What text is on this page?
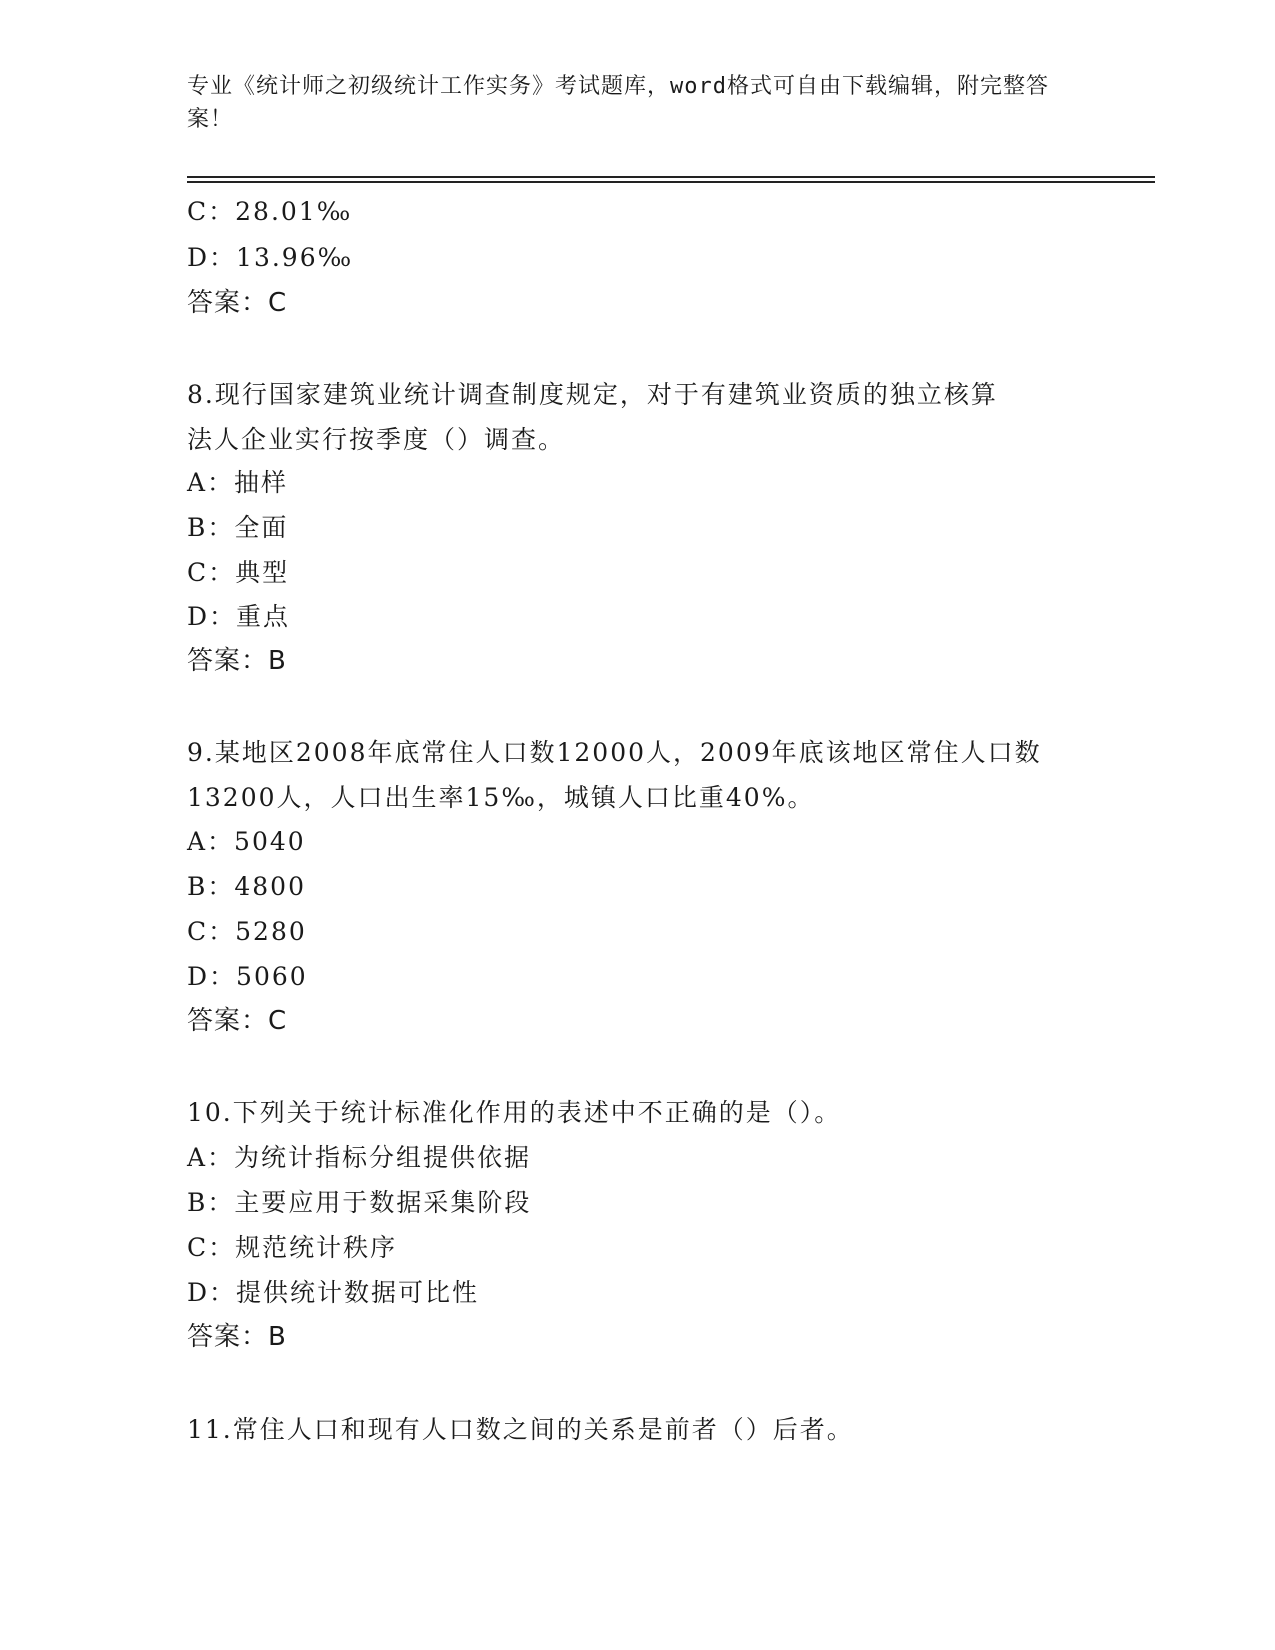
专业《统计师之初级统计工作实务》考试题库，word格式可自由下载编辑，附完整答案！
C：28.01‰
D：13.96‰
答案：C
8.现行国家建筑业统计调查制度规定，对于有建筑业资质的独立核算
法人企业实行按季度（）调查。
A：抽样
B：全面
C：典型
D：重点
答案：B
9.某地区2008年底常住人口数12000人，2009年底该地区常住人口数
13200人，人口出生率15‰，城镇人口比重40%。
A：5040
B：4800
C：5280
D：5060
答案：C
10.下列关于统计标准化作用的表述中不正确的是（）。
A：为统计指标分组提供依据
B：主要应用于数据采集阶段
C：规范统计秩序
D：提供统计数据可比性
答案：B
11.常住人口和现有人口数之间的关系是前者（）后者。
